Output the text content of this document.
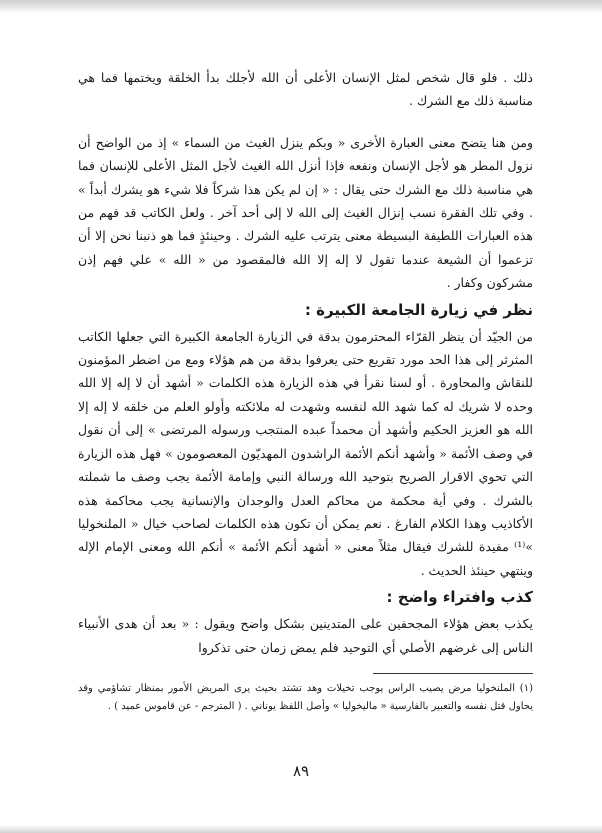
ذلك . فلو قال شخص لمثل الإنسان الأعلى أن الله لأجلك بدأ الخلقة ويختمها فما هي مناسبة ذلك مع الشرك .

ومن هنا يتضح معنى العبارة الأخرى « وبكم ينزل الغيث من السماء » إذ من الواضح أن نزول المطر هو لأجل الإنسان ونفعه فإذا أنزل الله الغيث لأجل المثل الأعلى للإنسان فما هي مناسبة ذلك مع الشرك حتى يقال : « إن لم يكن هذا شركاً فلا شيء هو يشرك أبداً » . وفي تلك الفقرة نسب إنزال الغيث إلى الله لا إلى أحد آخر . ولعل الكاتب قد فهم من هذه العبارات اللطيفة البسيطة معنى يترتب عليه الشرك . وحينئذٍ فما هو ذنبنا نحن إلا أن تزعموا أن الشيعة عندما تقول لا إله إلا الله فالمقصود من « الله » علي فهم إذن مشركون وكفار .

نظر في زيارة الجامعة الكبيرة :

من الجيّد أن ينظر القرّاء المحترمون بدقة في الزيارة الجامعة الكبيرة التي جعلها الكاتب المثرثر إلى هذا الحد مورد تقريع حتى يعرفوا بدقة من هم هؤلاء ومع من اضطر المؤمنون للنقاش والمحاورة . أو لسنا نقرأ في هذه الزيارة هذه الكلمات « أشهد أن لا إله إلا الله وحده لا شريك له كما شهد الله لنفسه وشهدت له ملائكته وأولو العلم من خلقه لا إله إلا الله هو العزيز الحكيم وأشهد أن محمداً عبده المنتجب ورسوله المرتضى » إلى أن نقول في وصف الأئمة « وأشهد أنكم الأئمة الراشدون المهديّون المعصومون » فهل هذه الزيارة التي تحوي الاقرار الصريح بتوحيد الله ورسالة النبي وإمامة الأئمة يجب وصف ما شملته بالشرك . وفي أية محكمة من محاكم العدل والوجدان والإنسانية يجب محاكمة هذه الأكاذيب وهذا الكلام الفارغ . نعم يمكن أن تكون هذه الكلمات لصاحب خيال « الملنخوليا »⁽¹⁾ مفيدة للشرك فيقال مثلاً معنى « أشهد أنكم الأئمة » أنكم الله ومعنى الإمام الإله وينتهي حينئذ الحديث .

كذب وافتراء واضح :

يكذب بعض هؤلاء المجحفين على المتدينين بشكل واضح ويقول : « بعد أن هدى الأنبياء الناس إلى غرضهم الأصلي أي التوحيد فلم يمض زمان حتى تذكروا

(١) الملنخوليا مرض يصيب الراس يوجب تخيلات وهد تشتد بحيث يرى المريض الأمور بمنظار تشاؤمي وقد يحاول قتل نفسه والتعبير بالفارسية « ماليخوليا » وأصل اللفظ يوناني . ( المترجم - عن قاموس عميد ) .

٨٩
